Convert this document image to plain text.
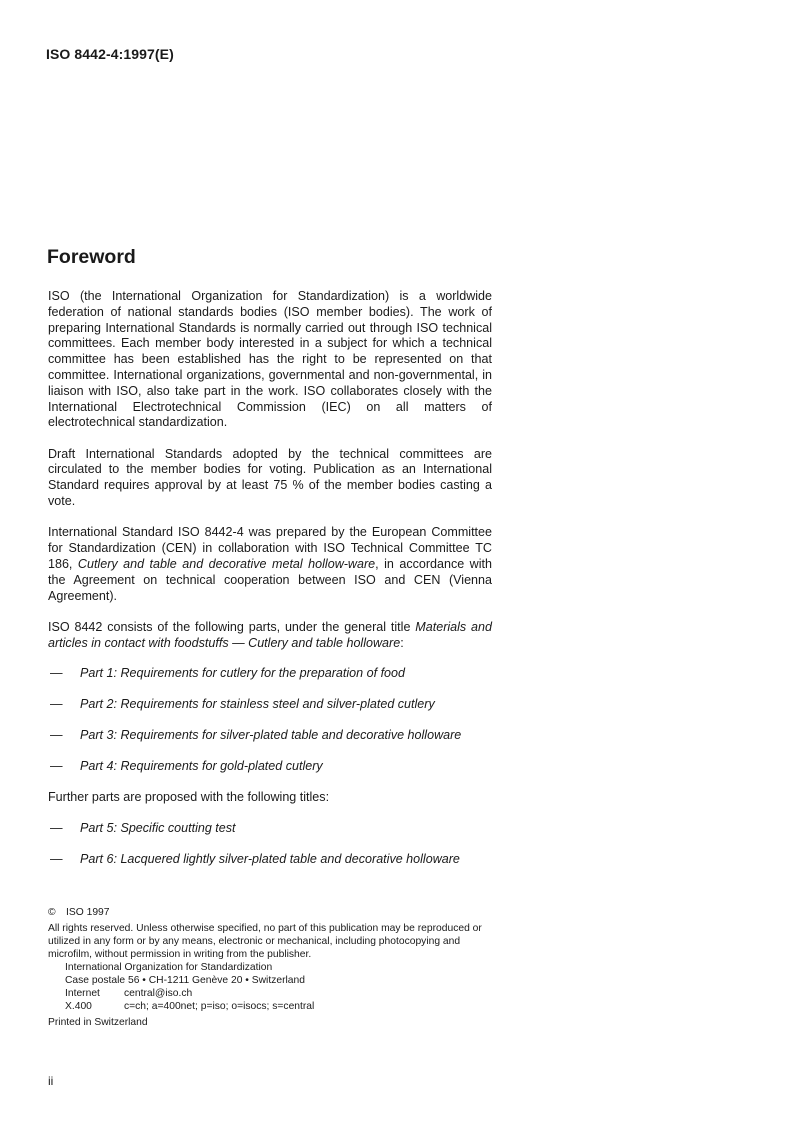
ISO 8442-4:1997(E)
Foreword

ISO (the International Organization for Standardization) is a worldwide federation of national standards bodies (ISO member bodies). The work of preparing International Standards is normally carried out through ISO technical committees. Each member body interested in a subject for which a technical committee has been established has the right to be represented on that committee. International organizations, governmental and non-governmental, in liaison with ISO, also take part in the work. ISO collaborates closely with the International Electrotechnical Commission (IEC) on all matters of electrotechnical standardization.

Draft International Standards adopted by the technical committees are circulated to the member bodies for voting. Publication as an International Standard requires approval by at least 75 % of the member bodies casting a vote.

International Standard ISO 8442-4 was prepared by the European Committee for Standardization (CEN) in collaboration with ISO Technical Committee TC 186, Cutlery and table and decorative metal hollow-ware, in accordance with the Agreement on technical cooperation between ISO and CEN (Vienna Agreement).

ISO 8442 consists of the following parts, under the general title Materials and articles in contact with foodstuffs — Cutlery and table holloware:

— Part 1: Requirements for cutlery for the preparation of food

— Part 2: Requirements for stainless steel and silver-plated cutlery

— Part 3: Requirements for silver-plated table and decorative holloware

— Part 4: Requirements for gold-plated cutlery

Further parts are proposed with the following titles:

— Part 5: Specific coutting test

— Part 6: Lacquered lightly silver-plated table and decorative holloware

© ISO 1997

All rights reserved. Unless otherwise specified, no part of this publication may be reproduced or utilized in any form or by any means, electronic or mechanical, including photocopying and microfilm, without permission in writing from the publisher.

International Organization for Standardization

Case postale 56 • CH-1211 Genève 20 • Switzerland

Internet	central@iso.ch
X.400	c=ch; a=400net; p=iso; o=isocs; s=central

Printed in Switzerland

ii
